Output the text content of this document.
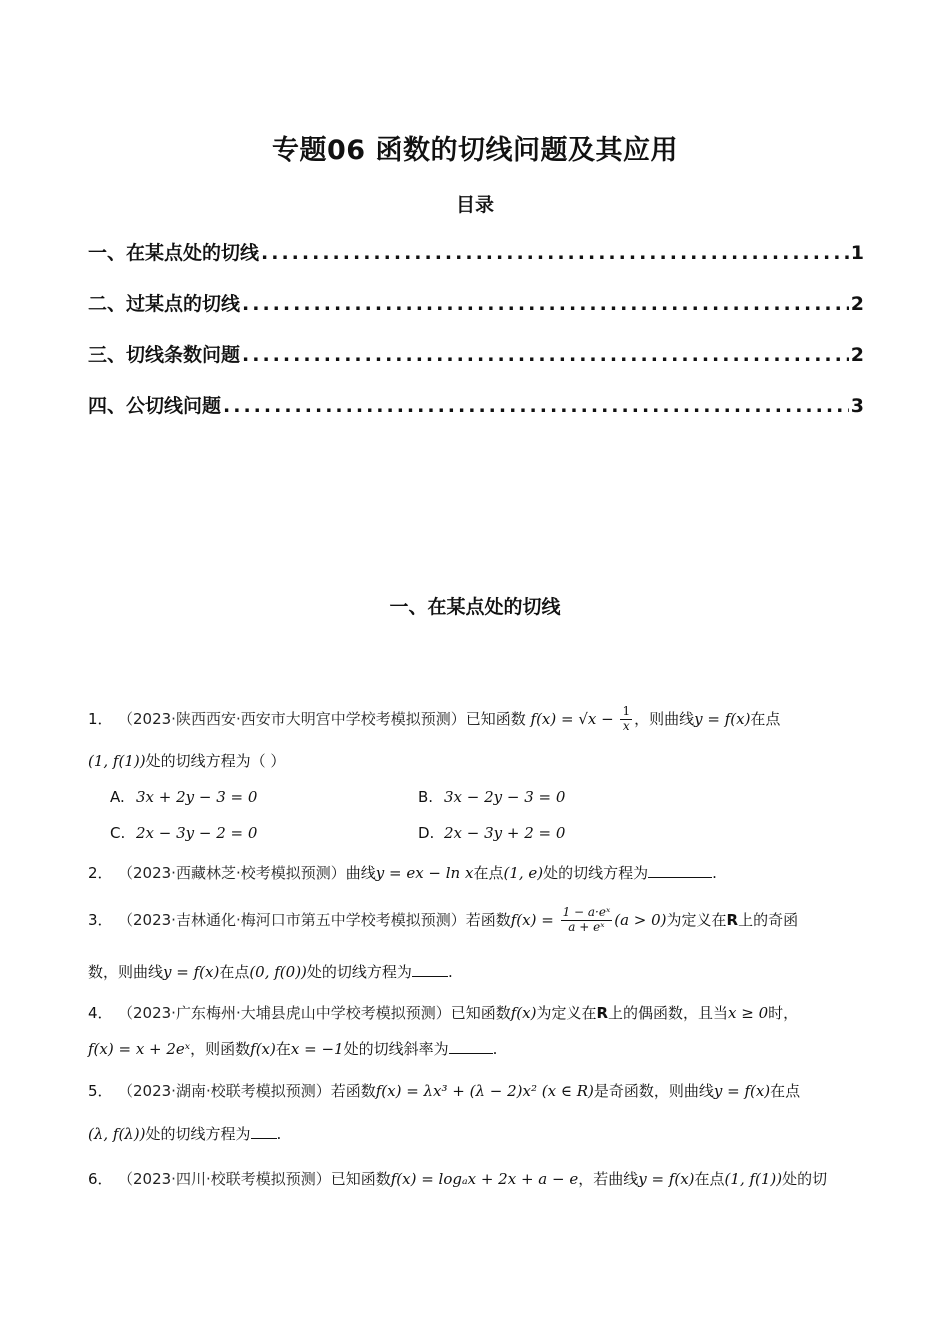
专题06 函数的切线问题及其应用
目录
一、在某点处的切线 .....	1
二、过某点的切线 .....	2
三、切线条数问题 .....	2
四、公切线问题 .....	3
一、在某点处的切线
1． （2023·陕西西安·西安市大明宫中学校考模拟预测）已知函数 $f(x) = √x - \frac{1}{x}$ ，则曲线y = f(x)在点
(1, f(1))处的切线方程为（ ）
A. 3x + 2y − 3 = 0	B. 3x − 2y − 3 = 0
C. 2x − 3y − 2 = 0	D. 2x − 3y + 2 = 0
2． （2023·西藏林芝·校考模拟预测）曲线y = ex − ln x在点(1, e)处的切线方程为	.
3． （2023·吉林通化·梅河口市第五中学校考模拟预测）若函数$f(x) = \frac{\text{1 − a·eˣ}}{\text{a + eˣ}} (a > 0)$为定义在R上的奇函
数，则曲线y = f(x)在点(0, f(0))处的切线方程为 .
4． （2023·广东梅州·大埔县虎山中学校考模拟预测）已知函数f(x)为定义在R上的偶函数，且当x ≥ 0时，
f(x) = x + 2eˣ，则函数f(x)在x = −1处的切线斜率为	.
5． （2023·湖南·校联考模拟预测）若函数f(x) = λx³ + (λ − 2)x² (x ∈ R)是奇函数，则曲线y = f(x)在点
(λ, f(λ))处的切线方程为 .
6． （2023·四川·校联考模拟预测）已知函数f(x) = logₐx + 2x + a − e，若曲线y = f(x)在点(1, f(1))处的切
